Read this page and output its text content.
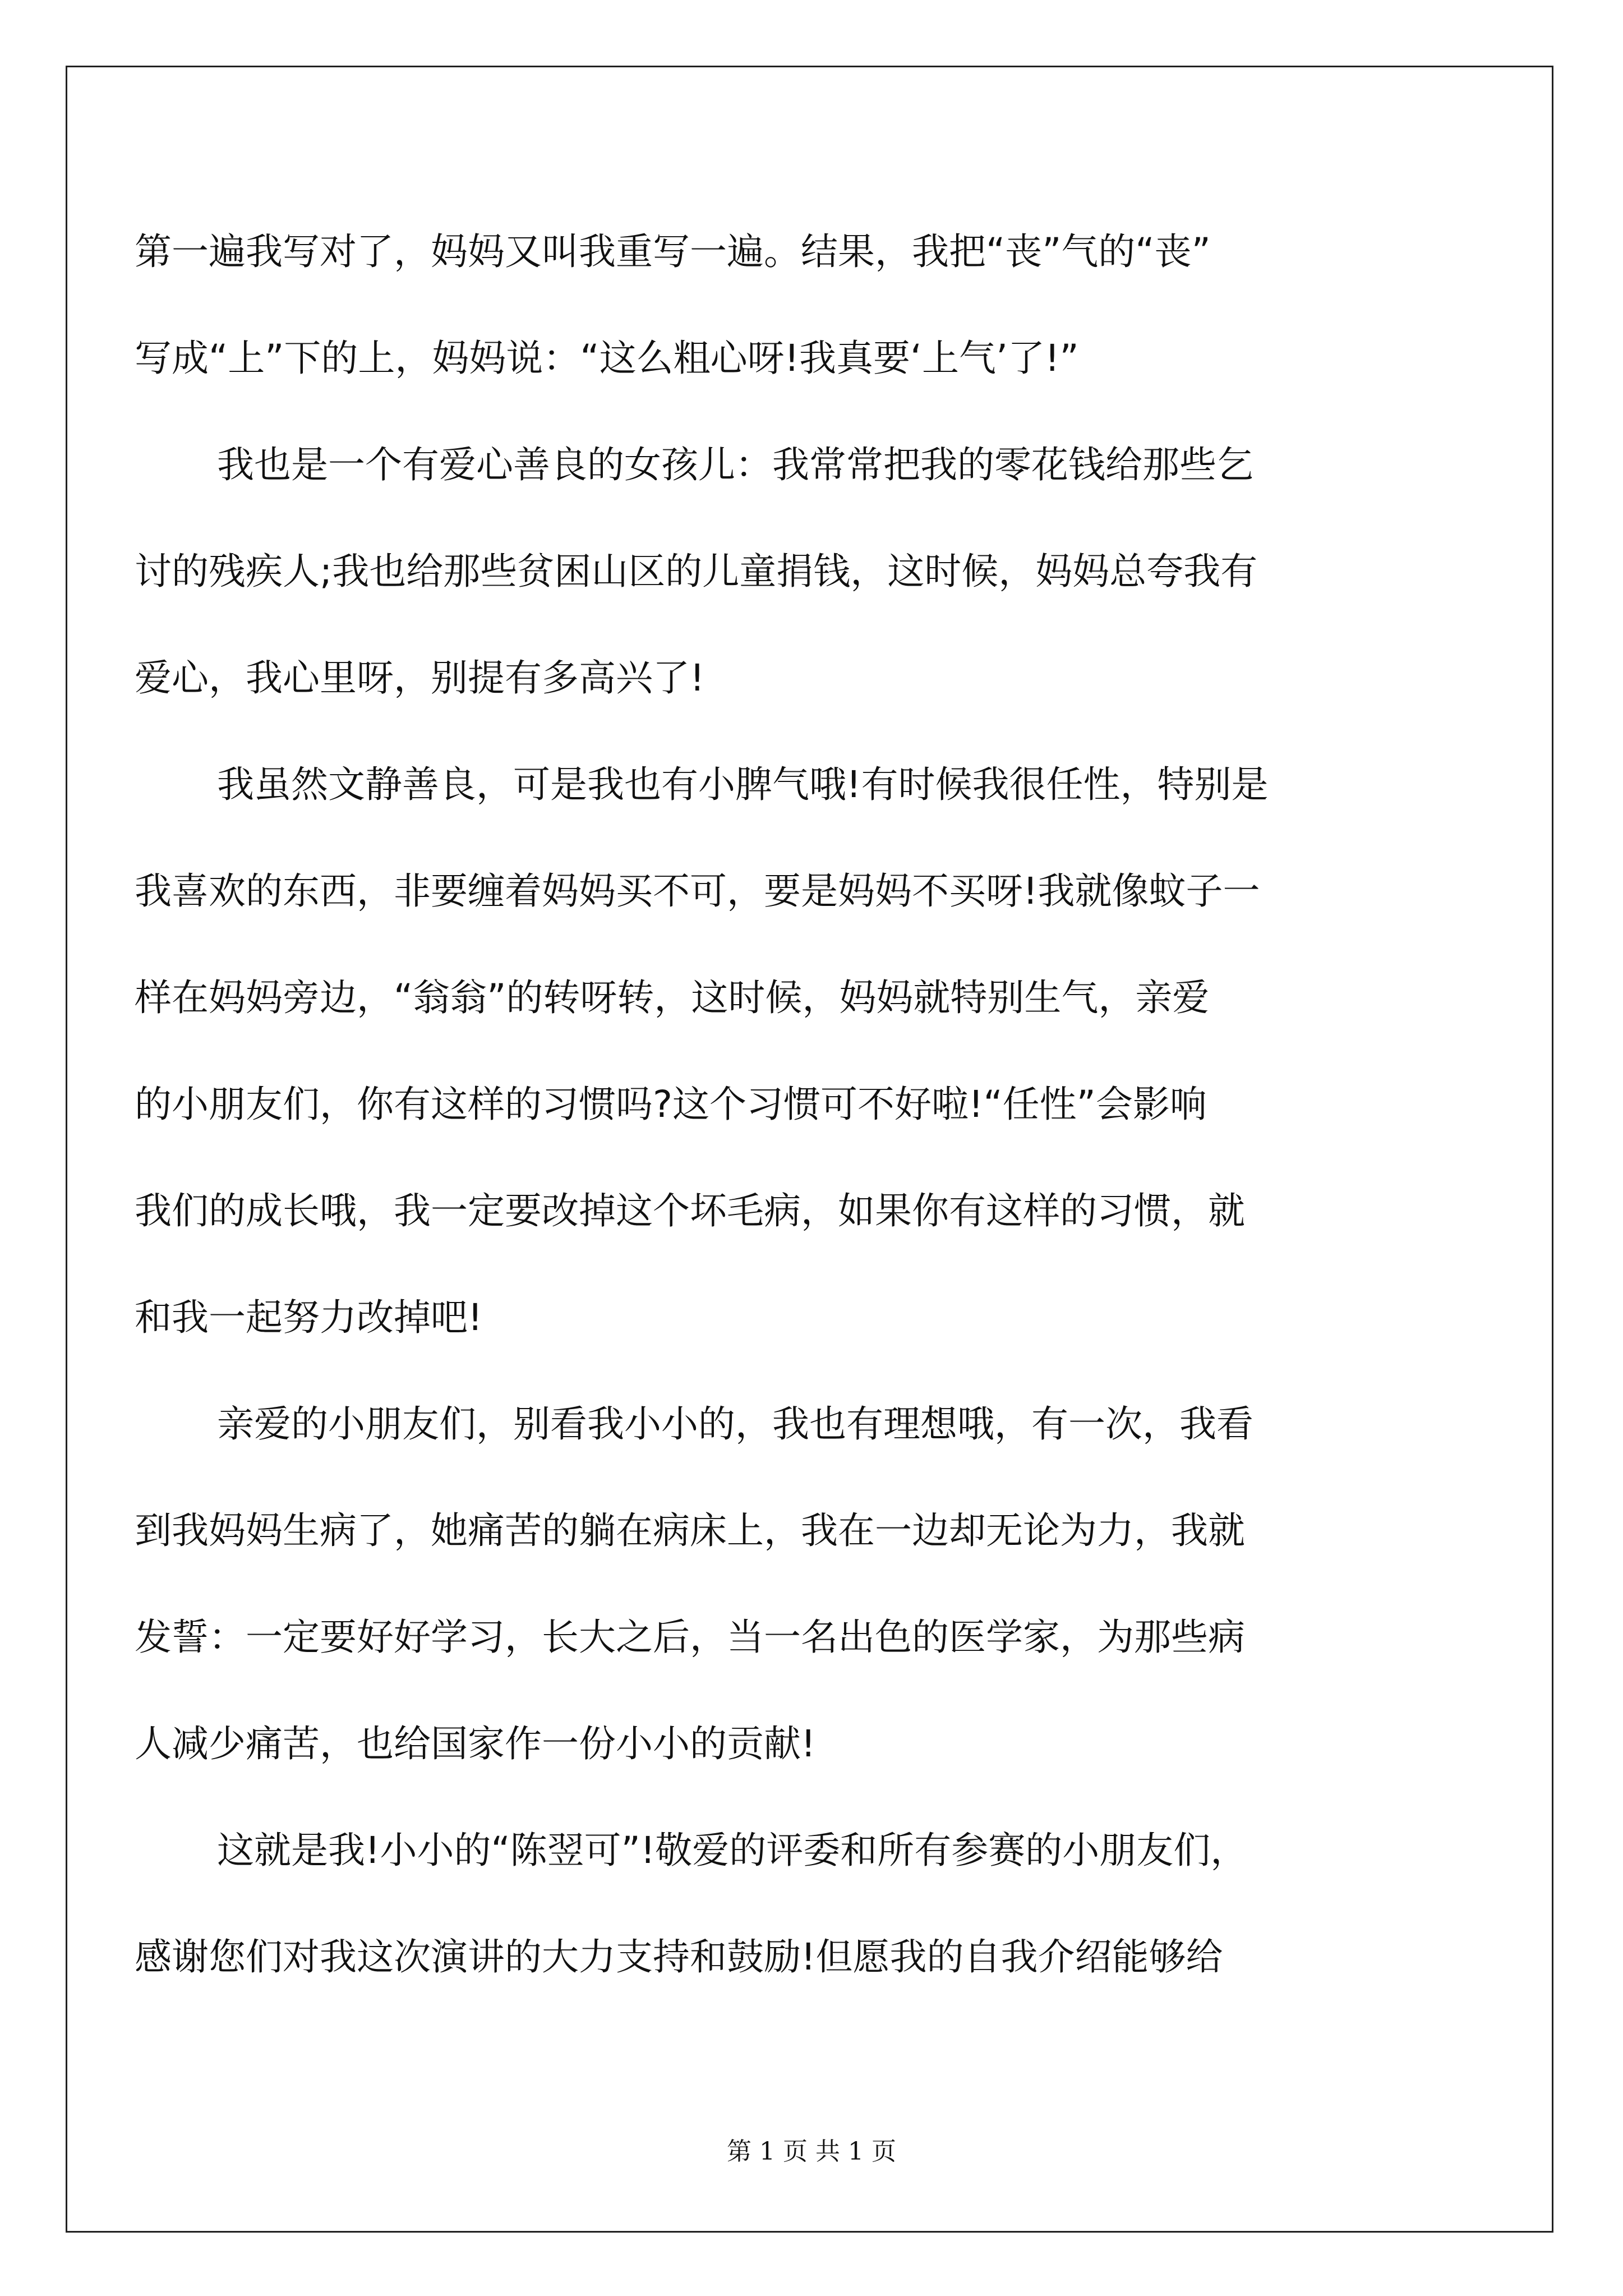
第一遍我写对了，妈妈又叫我重写一遍。结果，我把“丧”气的“丧”
写成“上”下的上，妈妈说：“这么粗心呀!我真要‘上气’了!”
我也是一个有爱心善良的女孩儿：我常常把我的零花钱给那些乞
讨的残疾人;我也给那些贫困山区的儿童捐钱，这时候，妈妈总夸我有
爱心，我心里呀，别提有多高兴了!
我虽然文静善良，可是我也有小脾气哦!有时候我很任性，特别是
我喜欢的东西，非要缠着妈妈买不可，要是妈妈不买呀!我就像蚊子一
样在妈妈旁边，“翁翁”的转呀转，这时候，妈妈就特别生气，亲爱
的小朋友们，你有这样的习惯吗?这个习惯可不好啦!“任性”会影响
我们的成长哦，我一定要改掉这个坏毛病，如果你有这样的习惯，就
和我一起努力改掉吧!
亲爱的小朋友们，别看我小小的，我也有理想哦，有一次，我看
到我妈妈生病了，她痛苦的躺在病床上，我在一边却无论为力，我就
发誓：一定要好好学习，长大之后，当一名出色的医学家，为那些病
人减少痛苦，也给国家作一份小小的贡献!
这就是我!小小的“陈翌可”!敬爱的评委和所有参赛的小朋友们，
感谢您们对我这次演讲的大力支持和鼓励!但愿我的自我介绍能够给
第 1 页 共 1 页
